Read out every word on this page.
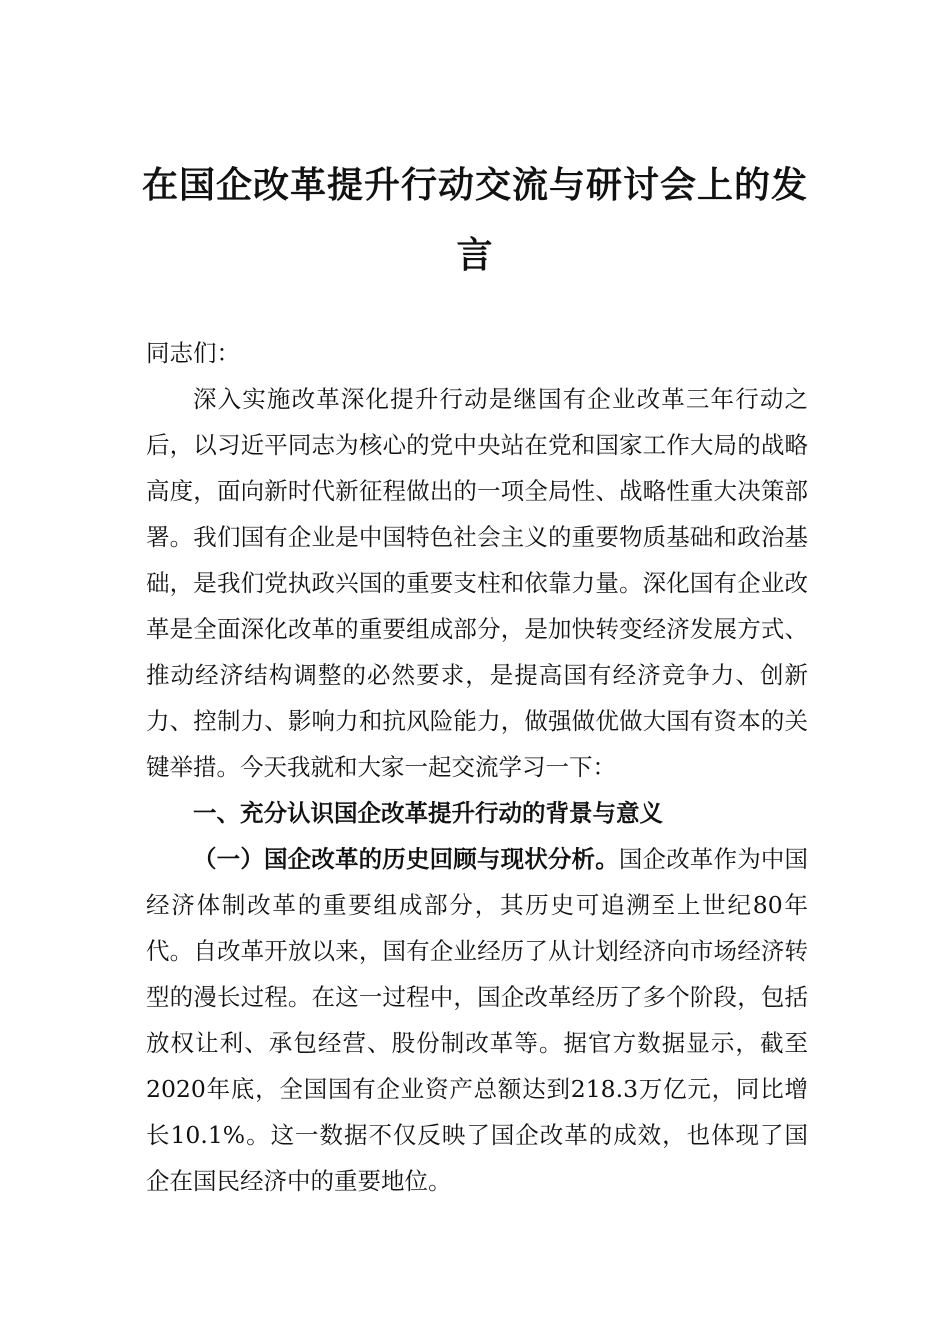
在国企改革提升行动交流与研讨会上的发言

同志们：

深入实施改革深化提升行动是继国有企业改革三年行动之后，以习近平同志为核心的党中央站在党和国家工作大局的战略高度，面向新时代新征程做出的一项全局性、战略性重大决策部署。我们国有企业是中国特色社会主义的重要物质基础和政治基础，是我们党执政兴国的重要支柱和依靠力量。深化国有企业改革是全面深化改革的重要组成部分，是加快转变经济发展方式、推动经济结构调整的必然要求，是提高国有经济竞争力、创新力、控制力、影响力和抗风险能力，做强做优做大国有资本的关键举措。今天我就和大家一起交流学习一下：

一、充分认识国企改革提升行动的背景与意义

（一）国企改革的历史回顾与现状分析。国企改革作为中国经济体制改革的重要组成部分，其历史可追溯至上世纪80年代。自改革开放以来，国有企业经历了从计划经济向市场经济转型的漫长过程。在这一过程中，国企改革经历了多个阶段，包括放权让利、承包经营、股份制改革等。据官方数据显示，截至2020年底，全国国有企业资产总额达到218.3万亿元，同比增长10.1%。这一数据不仅反映了国企改革的成效，也体现了国企在国民经济中的重要地位。
